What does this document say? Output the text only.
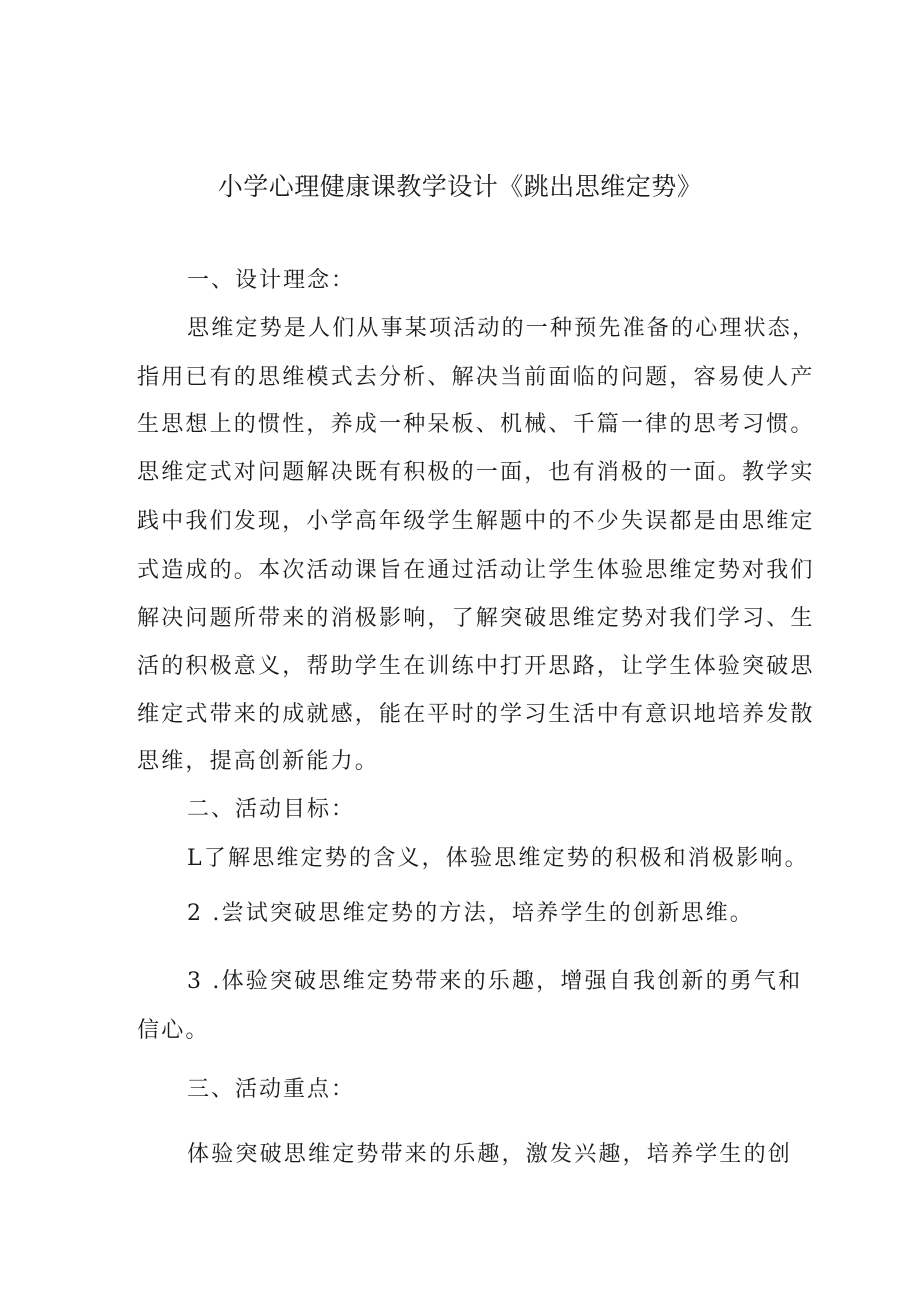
小学心理健康课教学设计《跳出思维定势》
一、设计理念：
思维定势是人们从事某项活动的一种预先准备的心理状态，
指用已有的思维模式去分析、解决当前面临的问题，容易使人产
生思想上的惯性，养成一种呆板、机械、千篇一律的思考习惯。
思维定式对问题解决既有积极的一面，也有消极的一面。教学实
践中我们发现，小学高年级学生解题中的不少失误都是由思维定
式造成的。本次活动课旨在通过活动让学生体验思维定势对我们
解决问题所带来的消极影响，了解突破思维定势对我们学习、生
活的积极意义，帮助学生在训练中打开思路，让学生体验突破思
维定式带来的成就感，能在平时的学习生活中有意识地培养发散
思维，提高创新能力。
二、活动目标：
L了解思维定势的含义，体验思维定势的积极和消极影响。
2 .尝试突破思维定势的方法，培养学生的创新思维。
3 .体验突破思维定势带来的乐趣，增强自我创新的勇气和
信心。
三、活动重点：
体验突破思维定势带来的乐趣，激发兴趣，培养学生的创
